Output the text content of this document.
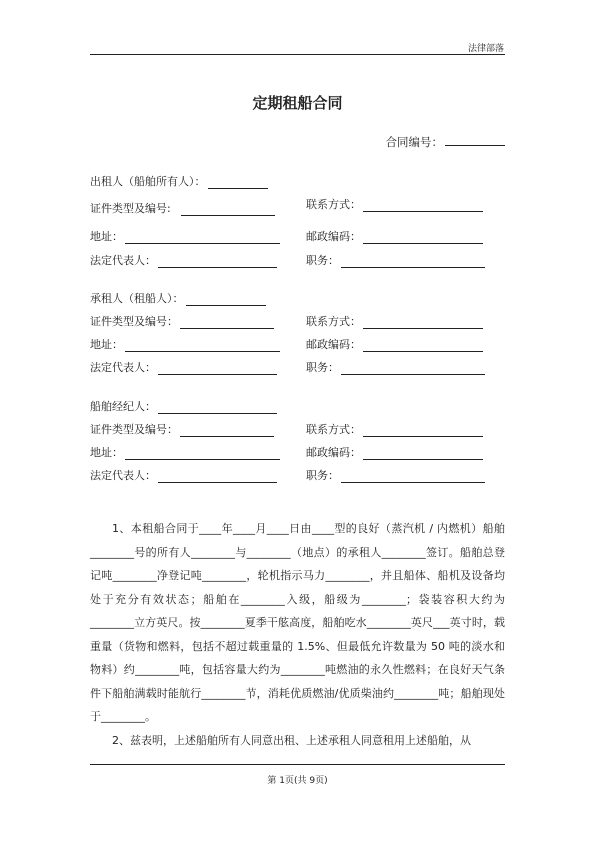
法律部落
定期租船合同
合同编号：
出租人（船舶所有人）：
证件类型及编号:	联系方式：
地址：	邮政编码：
法定代表人：	职务：
承租人（租船人）：
证件类型及编号：	联系方式：
地址：	邮政编码：
法定代表人：	职务：
船舶经纪人：
证件类型及编号：	联系方式：
地址：	邮政编码：
法定代表人：	职务：
1、本租船合同于____年____月____日由____型的良好（蒸汽机 / 内燃机）船舶________号的所有人________与________（地点）的承租人________签订。船舶总登记吨________净登记吨________，轮机指示马力________，并且船体、船机及设备均处于充分有效状态；船舶在________入级，船级为________；袋装容积大约为________立方英尺。按________夏季干舷高度，船舶吃水________英尺___英寸时，载重量（货物和燃料，包括不超过载重量的 1.5%、但最低允许数量为 50 吨的淡水和物料）约________吨，包括容量大约为________吨燃油的永久性燃料；在良好天气条件下船舶满载时能航行________节，消耗优质燃油/优质柴油约________吨；船舶现处于________。
2、兹表明，上述船舶所有人同意出租、上述承租人同意租用上述船舶，从
第 1页(共 9页)
